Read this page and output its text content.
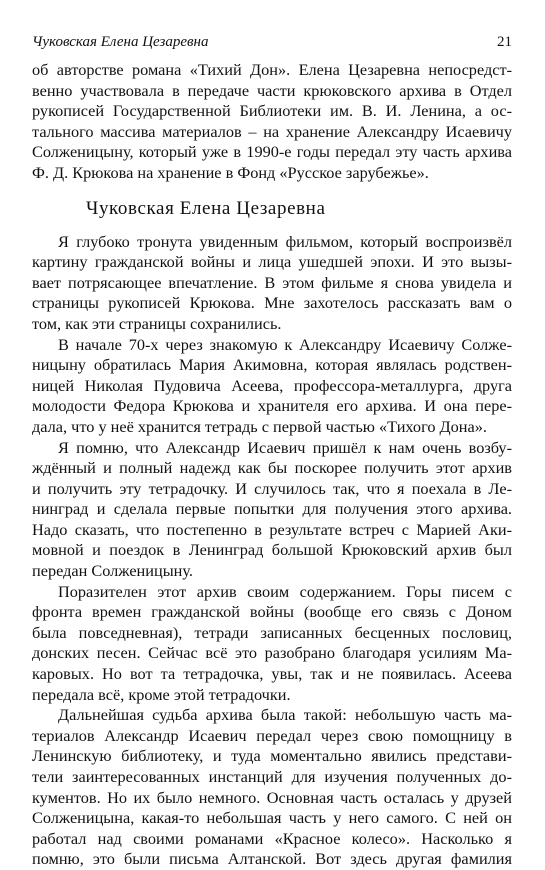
Чуковская Елена Цезаревна	21

об авторстве романа «Тихий Дон». Елена Цезаревна непосредст-
венно участвовала в передаче части крюковского архива в Отдел
рукописей Государственной Библиотеки им. В. И. Ленина, а ос-
тального массива материалов – на хранение Александру Исаевичу
Солженицыну, который уже в 1990-е годы передал эту часть архива
Ф. Д. Крюкова на хранение в Фонд «Русское зарубежье».

Чуковская Елена Цезаревна

Я глубоко тронута увиденным фильмом, который воспроизвёл
картину гражданской войны и лица ушедшей эпохи. И это вызы-
вает потрясающее впечатление. В этом фильме я снова увидела и
страницы рукописей Крюкова. Мне захотелось рассказать вам о
том, как эти страницы сохранились.

В начале 70-х через знакомую к Александру Исаевичу Солже-
ницыну обратилась Мария Акимовна, которая являлась родствен-
ницей Николая Пудовича Асеева, профессора-металлурга, друга
молодости Федора Крюкова и хранителя его архива. И она пере-
дала, что у неё хранится тетрадь с первой частью «Тихого Дона».

Я помню, что Александр Исаевич пришёл к нам очень возбу-
ждённый и полный надежд как бы поскорее получить этот архив
и получить эту тетрадочку. И случилось так, что я поехала в Ле-
нинград и сделала первые попытки для получения этого архива.
Надо сказать, что постепенно в результате встреч с Марией Аки-
мовной и поездок в Ленинград большой Крюковский архив был
передан Солженицыну.

Поразителен этот архив своим содержанием. Горы писем с
фронта времен гражданской войны (вообще его связь с Доном
была повседневная), тетради записанных бесценных пословиц,
донских песен. Сейчас всё это разобрано благодаря усилиям Ма-
каровых. Но вот та тетрадочка, увы, так и не появилась. Асеева
передала всё, кроме этой тетрадочки.

Дальнейшая судьба архива была такой: небольшую часть ма-
териалов Александр Исаевич передал через свою помощницу в
Ленинскую библиотеку, и туда моментально явились представи-
тели заинтересованных инстанций для изучения полученных до-
кументов. Но их было немного. Основная часть осталась у друзей
Солженицына, какая-то небольшая часть у него самого. С ней он
работал над своими романами «Красное колесо». Насколько я
помню, это были письма Алтанской. Вот здесь другая фамилия
